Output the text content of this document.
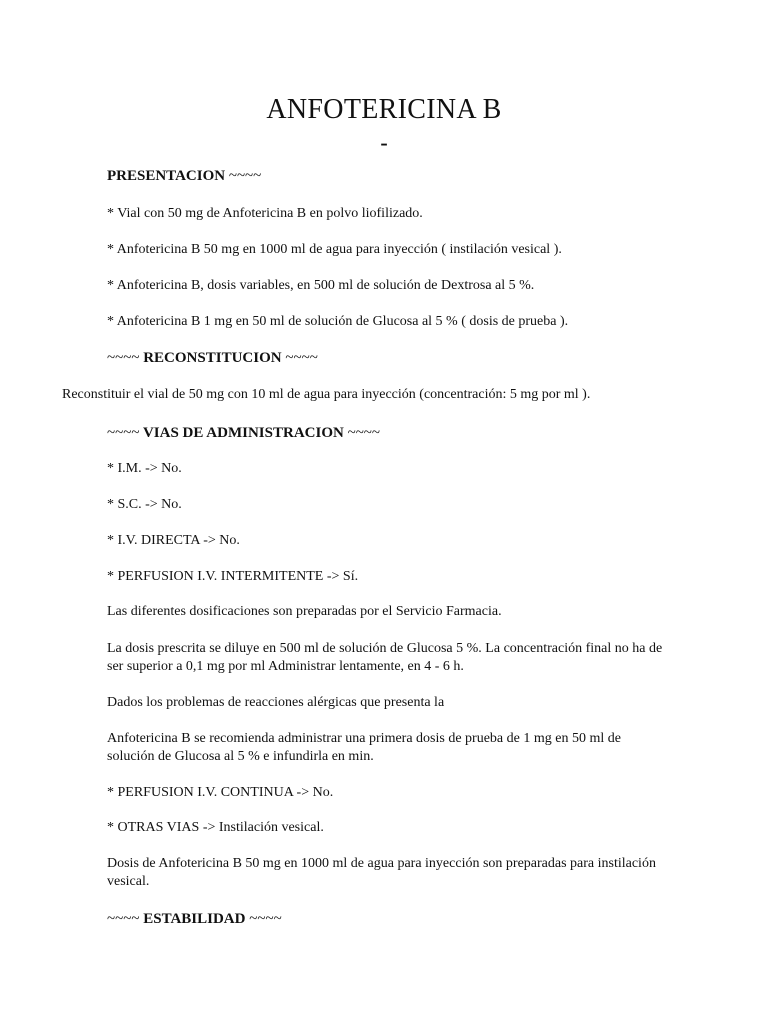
ANFOTERICINA B
-

PRESENTACION ~~~~

* Vial con 50 mg de Anfotericina B en polvo liofilizado.

* Anfotericina B 50 mg en 1000 ml de agua para inyección ( instilación vesical ).

* Anfotericina B, dosis variables, en 500 ml de solución de Dextrosa al 5 %.

* Anfotericina B 1 mg en 50 ml de solución de Glucosa al 5 % ( dosis de prueba ).

~~~~ RECONSTITUCION ~~~~

Reconstituir el vial de 50 mg con 10 ml de agua para inyección (concentración: 5 mg por ml ).

~~~~ VIAS DE ADMINISTRACION ~~~~

* I.M. -> No.

* S.C. -> No.

* I.V. DIRECTA -> No.

* PERFUSION I.V. INTERMITENTE -> Sí.

Las diferentes dosificaciones son preparadas por el Servicio Farmacia.

La dosis prescrita se diluye en 500 ml de solución de Glucosa 5 %. La concentración final no ha de ser superior a 0,1 mg por ml Administrar lentamente, en 4 - 6 h.

Dados los problemas de reacciones alérgicas que presenta la

Anfotericina B se recomienda administrar una primera dosis de prueba de 1 mg en 50 ml de solución de Glucosa al 5 % e infundirla en min.

* PERFUSION I.V. CONTINUA -> No.

* OTRAS VIAS -> Instilación vesical.

Dosis de Anfotericina B 50 mg en 1000 ml de agua para inyección son preparadas para instilación vesical.

~~~~ ESTABILIDAD ~~~~
